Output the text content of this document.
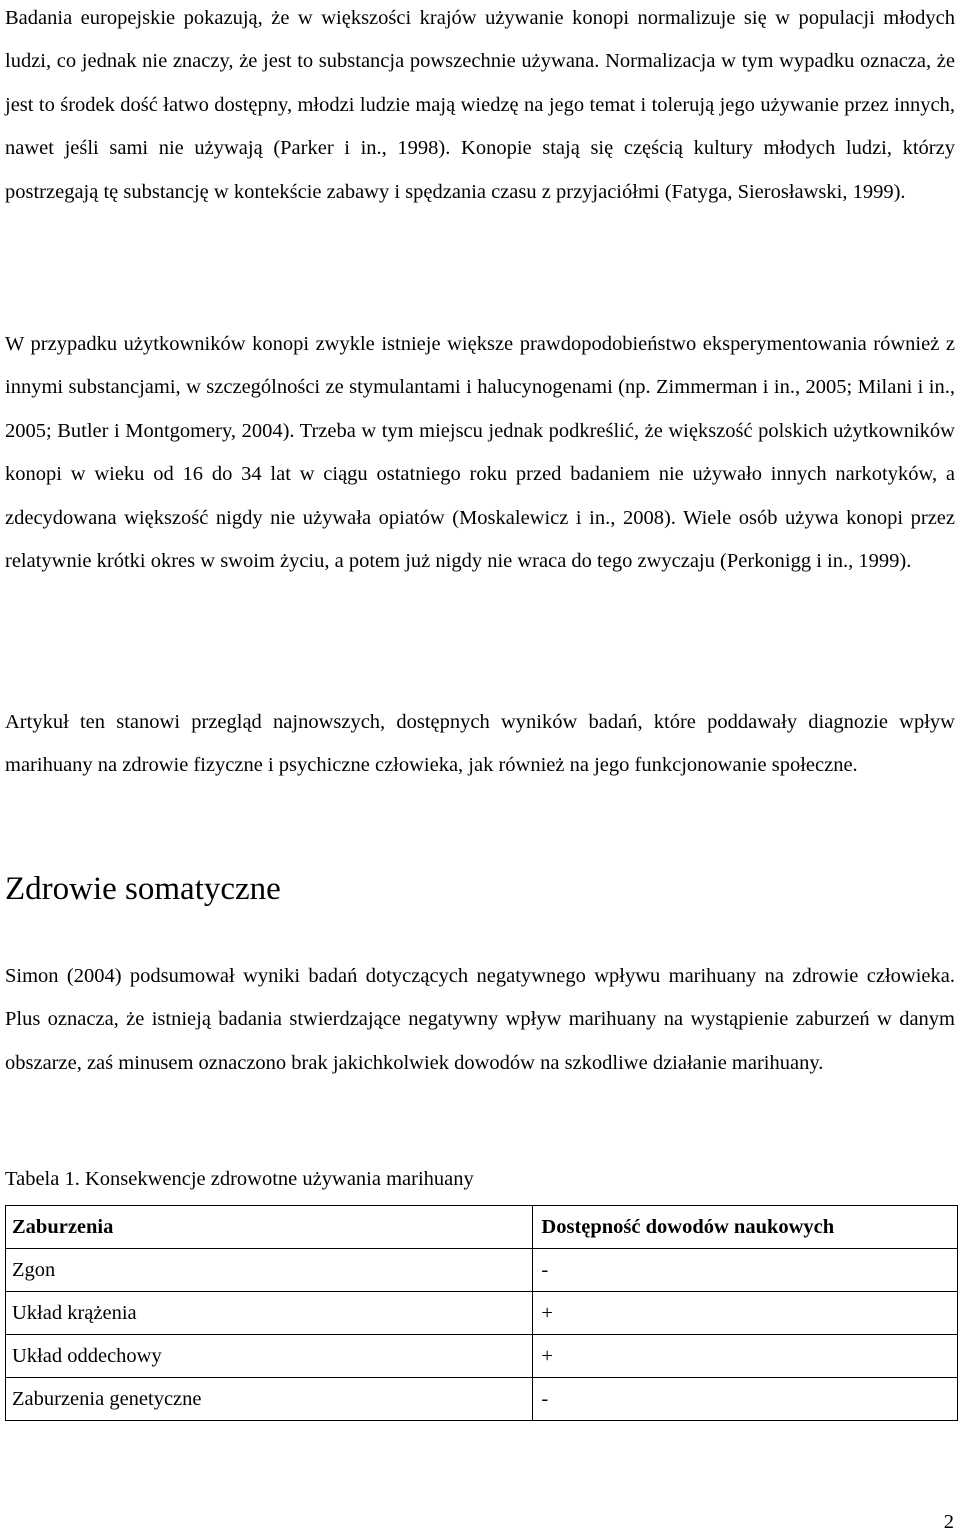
Badania europejskie pokazują, że w większości krajów używanie konopi normalizuje się w populacji młodych ludzi, co jednak nie znaczy, że jest to substancja powszechnie używana. Normalizacja w tym wypadku oznacza, że jest to środek dość łatwo dostępny, młodzi ludzie mają wiedzę na jego temat i tolerują jego używanie przez innych, nawet jeśli sami nie używają (Parker i in., 1998). Konopie stają się częścią kultury młodych ludzi, którzy postrzegają tę substancję w kontekście zabawy i spędzania czasu z przyjaciółmi (Fatyga, Sierosławski, 1999).

W przypadku użytkowników konopi zwykle istnieje większe prawdopodobieństwo eksperymentowania również z innymi substancjami, w szczególności ze stymulantami i halucynogenami (np. Zimmerman i in., 2005; Milani i in., 2005; Butler i Montgomery, 2004). Trzeba w tym miejscu jednak podkreślić, że większość polskich użytkowników konopi w wieku od 16 do 34 lat w ciągu ostatniego roku przed badaniem nie używało innych narkotyków, a zdecydowana większość nigdy nie używała opiatów (Moskalewicz i in., 2008). Wiele osób używa konopi przez relatywnie krótki okres w swoim życiu, a potem już nigdy nie wraca do tego zwyczaju (Perkonigg i in., 1999).

Artykuł ten stanowi przegląd najnowszych, dostępnych wyników badań, które poddawały diagnozie wpływ marihuany na zdrowie fizyczne i psychiczne człowieka, jak również na jego funkcjonowanie społeczne.

Zdrowie somatyczne

Simon (2004) podsumował wyniki badań dotyczących negatywnego wpływu marihuany na zdrowie człowieka. Plus oznacza, że istnieją badania stwierdzające negatywny wpływ marihuany na wystąpienie zaburzeń w danym obszarze, zaś minusem oznaczono brak jakichkolwiek dowodów na szkodliwe działanie marihuany.

Tabela 1. Konsekwencje zdrowotne używania marihuany

Zaburzenia	Dostępność dowodów naukowych
Zgon	-
Układ krążenia	+
Układ oddechowy	+
Zaburzenia genetyczne	-
2
